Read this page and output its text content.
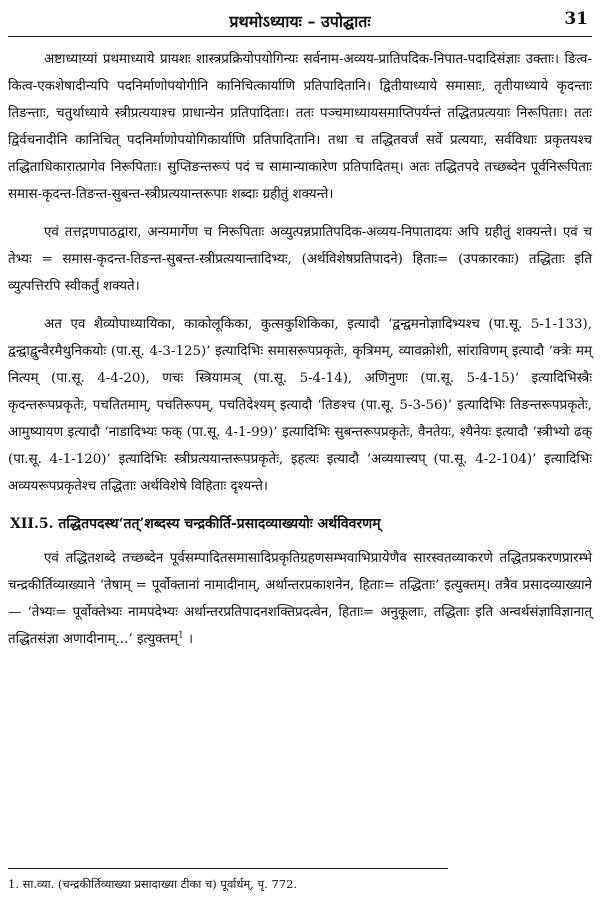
प्रथमोऽध्यायः – उपोद्घातः	31

अष्टाध्याय्यां प्रथमाध्याये प्रायशः शास्त्रप्रक्रियोपयोगिन्यः सर्वनाम-अव्यय-प्रातिपदिक-निपात-पदादिसंज्ञाः उक्ताः। ङित्व-कित्व-एकशेषादीन्यपि पदनिर्माणोपयोगीनि कानिचित्कार्याणि प्रतिपादितानि। द्वितीयाध्याये समासाः, तृतीयाध्याये कृदन्ताः तिङन्ताः, चतुर्थाध्याये स्त्रीप्रत्ययाश्च प्राधान्येन प्रतिपादिताः। ततः पञ्चमाध्यायसमाप्तिपर्यन्तं तद्धितप्रत्ययाः निरूपिताः। ततः द्विर्वचनादीनि कानिचित् पदनिर्माणोपयोगिकार्याणि प्रतिपादितानि। तथा च तद्धितवर्जं सर्वे प्रत्ययाः, सर्वविधाः प्रकृतयश्च तद्धिताधिकारात्प्रागेव निरूपिताः। सुप्तिङन्तरूपं पदं च सामान्याकारेण प्रतिपादितम्। अतः तद्धितपदे तच्छब्देन पूर्वनिरूपिताः समास-कृदन्त-तिङन्त-सुबन्त-स्त्रीप्रत्ययान्तरूपाः शब्दाः ग्रहीतुं शक्यन्ते।

एवं तत्तद्गणपाठद्वारा, अन्यमार्गेण च निरूपिताः अव्युत्पन्नप्रातिपदिक-अव्यय-निपातादयः अपि ग्रहीतुं शक्यन्ते। एवं च तेभ्यः = समास-कृदन्त-तिङन्त-सुबन्त-स्त्रीप्रत्ययान्तादिभ्यः, (अर्थविशेषप्रतिपादने) हिताः= (उपकारकाः) तद्धिताः इति व्युत्पत्तिरपि स्वीकर्तुं शक्यते।

अत एव शैव्योपाध्यायिका, काकोलूकिका, कुत्सकुशिकिका, इत्यादौ ‘द्वन्द्वमनोज्ञादिभ्यश्च (पा.सू. 5-1-133), द्वन्द्वाद्वुन्वैरमैथुनिकयोः (पा.सू. 4-3-125)’ इत्यादिभिः समासरूपप्रकृतेः, कृत्रिमम्, व्यावक्रोशी, सांराविणम् इत्यादौ ‘क्त्रेः मम् नित्यम् (पा.सू. 4-4-20), णचः स्त्रियामञ् (पा.सू. 5-4-14), अणिनुणः (पा.सू. 5-4-15)’ इत्यादिभिस्त्रैः कृदन्तरूपप्रकृतेः, पचतितमाम्, पचतिरूपम्, पचतिदेश्यम् इत्यादौ ‘तिङश्च (पा.सू. 5-3-56)’ इत्यादिभिः तिङन्तरूपप्रकृतेः, आमुष्यायण इत्यादौ ‘नाडादिभ्यः फक् (पा.सू. 4-1-99)’ इत्यादिभिः सुबन्तरूपप्रकृतेः, वैनतेयः, श्यैनेयः इत्यादौ ‘स्त्रीभ्यो ढक् (पा.सू. 4-1-120)’ इत्यादिभिः स्त्रीप्रत्ययान्तरूपप्रकृतेः, इहत्यः इत्यादौ ‘अव्ययात्त्यप् (पा.सू. 4-2-104)’ इत्यादिभिः अव्ययरूपप्रकृतेश्च तद्धिताः अर्थविशेषे विहिताः दृश्यन्ते।

XII.5. तद्धितपदस्थ‘तत्’शब्दस्य चन्द्रकीर्ति-प्रसादव्याख्ययोः अर्थविवरणम्

एवं तद्धितशब्दे तच्छब्देन पूर्वसम्पादितसमासादिप्रकृतिग्रहणसम्भवाभिप्रायेणैव सारस्वतव्याकरणे तद्धितप्रकरणप्रारम्भे चन्द्रकीर्तिव्याख्याने ‘तेषाम् = पूर्वोक्तानां नामादीनाम्, अर्थान्तरप्रकाशनेन, हिताः= तद्धिताः’ इत्युक्तम्। तत्रैव प्रसादव्याख्याने— ‘तेभ्यः= पूर्वोक्तेभ्यः नामपदेभ्यः अर्थान्तरप्रतिपादनशक्तिप्रदत्वेन, हिताः= अनुकूलाः, तद्धिताः इति अन्वर्थसंज्ञाविज्ञानात् तद्धितसंज्ञा अणादीनाम्...’ इत्युक्तम्$^1$ ।

1. सा.व्या. (चन्द्रकीर्तिव्याख्या प्रसादाख्या टीका च) पूर्वार्धम्, पृ. 772.
